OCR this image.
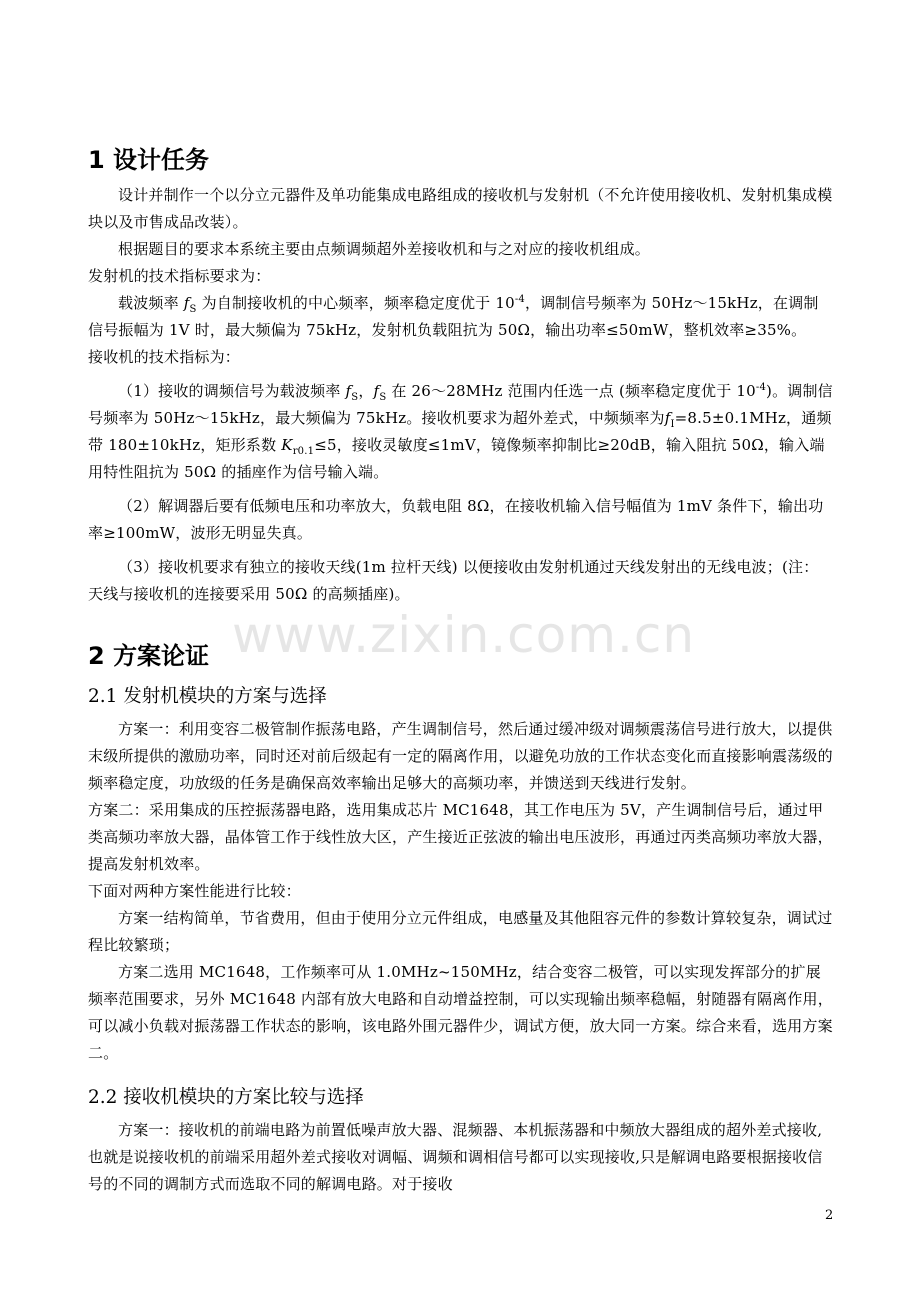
www.zixin.com.cn
1 设计任务

设计并制作一个以分立元器件及单功能集成电路组成的接收机与发射机（不允许使用接收机、发射机集成模块以及市售成品改装）。

根据题目的要求本系统主要由点频调频超外差接收机和与之对应的接收机组成。

发射机的技术指标要求为：

载波频率 $f_S$ 为自制接收机的中心频率，频率稳定度优于 $10^{-4}$，调制信号频率为 50Hz～15kHz，在调制信号振幅为 1V 时，最大频偏为 75kHz，发射机负载阻抗为 50Ω，输出功率≤50mW，整机效率≥35%。

接收机的技术指标为：

（1）接收的调频信号为载波频率 $f_S$，$f_S$ 在 26～28MHz 范围内任选一点 (频率稳定度优于 $10^{-4}$)。调制信号频率为 50Hz～15kHz，最大频偏为 75kHz。接收机要求为超外差式，中频频率为$f_I=8.5\pm 0.1MHz$，通频带 180±10kHz，矩形系数 $K_{r0.1}\le 5$，接收灵敏度≤1mV，镜像频率抑制比≥20dB，输入阻抗 50Ω，输入端用特性阻抗为 50Ω 的插座作为信号输入端。

（2）解调器后要有低频电压和功率放大，负载电阻 8Ω，在接收机输入信号幅值为 1mV 条件下，输出功率≥100mW，波形无明显失真。

（3）接收机要求有独立的接收天线(1m 拉杆天线) 以便接收由发射机通过天线发射出的无线电波；(注：天线与接收机的连接要采用 50Ω 的高频插座)。

2 方案论证
2.1 发射机模块的方案与选择

方案一：利用变容二极管制作振荡电路，产生调制信号，然后通过缓冲级对调频震荡信号进行放大，以提供末级所提供的激励功率，同时还对前后级起有一定的隔离作用，以避免功放的工作状态变化而直接影响震荡级的频率稳定度，功放级的任务是确保高效率输出足够大的高频功率，并馈送到天线进行发射。

方案二：采用集成的压控振荡器电路，选用集成芯片 MC1648，其工作电压为 5V，产生调制信号后，通过甲类高频功率放大器，晶体管工作于线性放大区，产生接近正弦波的输出电压波形，再通过丙类高频功率放大器，提高发射机效率。

下面对两种方案性能进行比较：

方案一结构简单，节省费用，但由于使用分立元件组成，电感量及其他阻容元件的参数计算较复杂，调试过程比较繁琐；

方案二选用 MC1648，工作频率可从 1.0MHz~150MHz，结合变容二极管，可以实现发挥部分的扩展频率范围要求，另外 MC1648 内部有放大电路和自动增益控制，可以实现输出频率稳幅，射随器有隔离作用，可以减小负载对振荡器工作状态的影响，该电路外围元器件少，调试方便，放大同一方案。综合来看，选用方案二。

2.2 接收机模块的方案比较与选择

方案一：接收机的前端电路为前置低噪声放大器、混频器、本机振荡器和中频放大器组成的超外差式接收,也就是说接收机的前端采用超外差式接收对调幅、调频和调相信号都可以实现接收,只是解调电路要根据接收信号的不同的调制方式而选取不同的解调电路。对于接收

2
